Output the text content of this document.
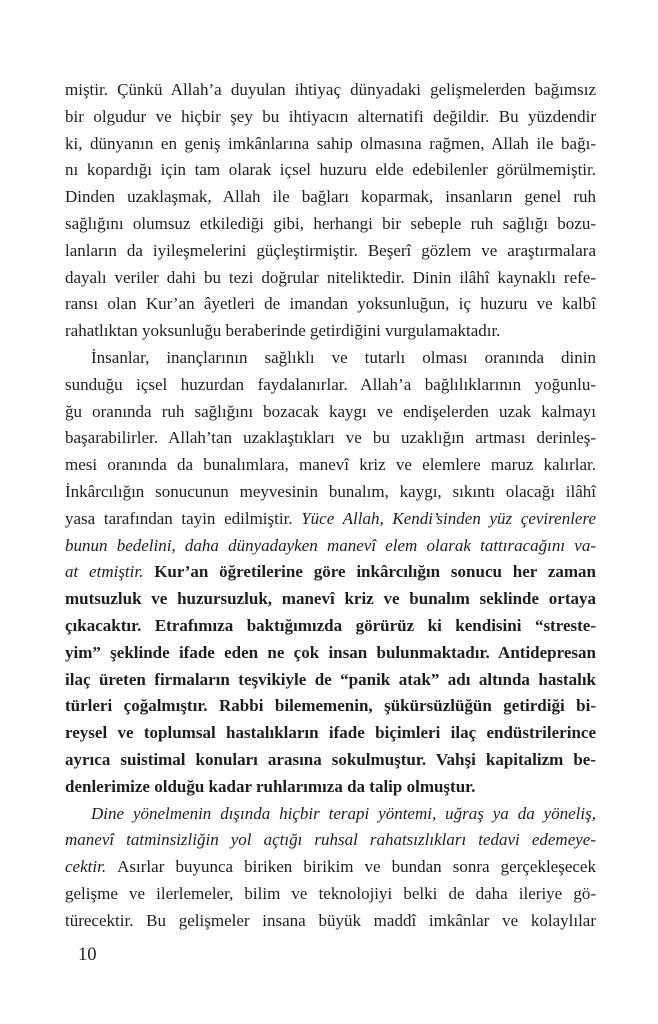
miştir. Çünkü Allah’a duyulan ihtiyaç dünyadaki gelişmelerden bağımsız
bir olgudur ve hiçbir şey bu ihtiyacın alternatifi değildir. Bu yüzdendir
ki, dünyanın en geniş imkânlarına sahip olmasına rağmen, Allah ile bağı-
nı kopardığı için tam olarak içsel huzuru elde edebilenler görülmemiştir.
Dinden uzaklaşmak, Allah ile bağları koparmak, insanların genel ruh
sağlığını olumsuz etkilediği gibi, herhangi bir sebeple ruh sağlığı bozu-
lanların da iyileşmelerini güçleştirmiştir. Beşerî gözlem ve araştırmalara
dayalı veriler dahi bu tezi doğrular niteliktedir. Dinin ilâhî kaynaklı refe-
ransı olan Kur’an âyetleri de imandan yoksunluğun, iç huzuru ve kalbî
rahatlıktan yoksunluğu beraberinde getirdiğini vurgulamaktadır.
İnsanlar, inançlarının sağlıklı ve tutarlı olması oranında dinin
sunduğu içsel huzurdan faydalanırlar. Allah’a bağlılıklarının yoğunlu-
ğu oranında ruh sağlığını bozacak kaygı ve endişelerden uzak kalmayı
başarabilirler. Allah’tan uzaklaştıkları ve bu uzaklığın artması derinleş-
mesi oranında da bunalımlara, manevî kriz ve elemlere maruz kalırlar.
İnkârcılığın sonucunun meyvesinin bunalım, kaygı, sıkıntı olacağı ilâhî
yasa tarafından tayin edilmiştir. Yüce Allah, Kendi’sinden yüz çevirenlere
bunun bedelini, daha dünyadayken manevî elem olarak tattıracağını va-
at etmiştir. Kur’an öğretilerine göre inkârcılığın sonucu her zaman
mutsuzluk ve huzursuzluk, manevî kriz ve bunalım seklinde ortaya
çıkacaktır. Etrafımıza baktığımızda görürüz ki kendisini “streste-
yim” şeklinde ifade eden ne çok insan bulunmaktadır. Antidepresan
ilaç üreten firmaların teşvikiyle de “panik atak” adı altında hastalık
türleri çoğalmıştır. Rabbi bilememenin, şükürsüzlüğün getirdiği bi-
reysel ve toplumsal hastalıkların ifade biçimleri ilaç endüstrilerince
ayrıca suistimal konuları arasına sokulmuştur. Vahşi kapitalizm be-
denlerimize olduğu kadar ruhlarımıza da talip olmuştur.
Dine yönelmenin dışında hiçbir terapi yöntemi, uğraş ya da yöneliş,
manevî tatminsizliğin yol açtığı ruhsal rahatsızlıkları tedavi edemeye-
cektir. Asırlar buyunca biriken birikim ve bundan sonra gerçekleşecek
gelişme ve ilerlemeler, bilim ve teknolojiyi belki de daha ileriye gö-
türecektir. Bu gelişmeler insana büyük maddî imkânlar ve kolaylılar
10
